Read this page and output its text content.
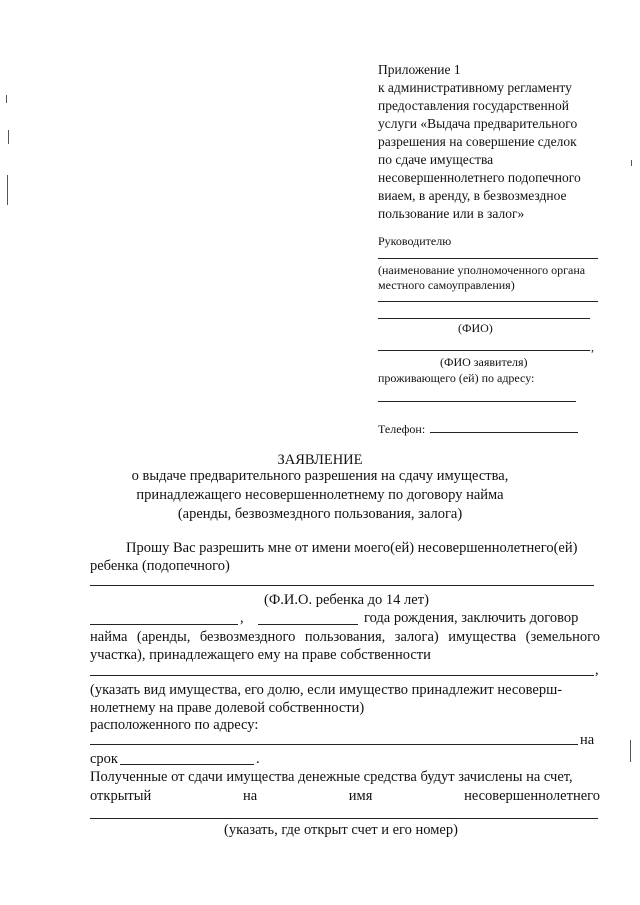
Приложение 1
к административному регламенту
предоставления государственной
услуги «Выдача предварительного
разрешения на совершение сделок
по сдаче имущества
несовершеннолетнего подопечного
виаем, в аренду, в безвозмездное
пользование или в залог»
Руководителю
(наименование уполномоченного органа
местного самоуправления)
(ФИО)
,
(ФИО заявителя)
проживающего (ей) по адресу:
Телефон:
ЗАЯВЛЕНИЕ
о выдаче предварительного разрешения на сдачу имущества,
принадлежащего несовершеннолетнему по договору найма
(аренды, безвозмездного пользования, залога)
Прошу Вас разрешить мне от имени моего(ей) несовершеннолетнего(ей)
ребенка (подопечного)
(Ф.И.О. ребенка до 14 лет)
,	года рождения, заключить договор
найма (аренды, безвозмездного пользования, залога) имущества (земельного
участка), принадлежащего ему на праве собственности
,
(указать вид имущества, его долю, если имущество принадлежит несоверш-
нолетнему на праве долевой собственности)
расположенного по адресу:
на
срок	.
Полученные от сдачи имущества денежные средства будут зачислены на счет,
открытый	на	имя	несовершеннолетнего
(указать, где открыт счет и его номер)
